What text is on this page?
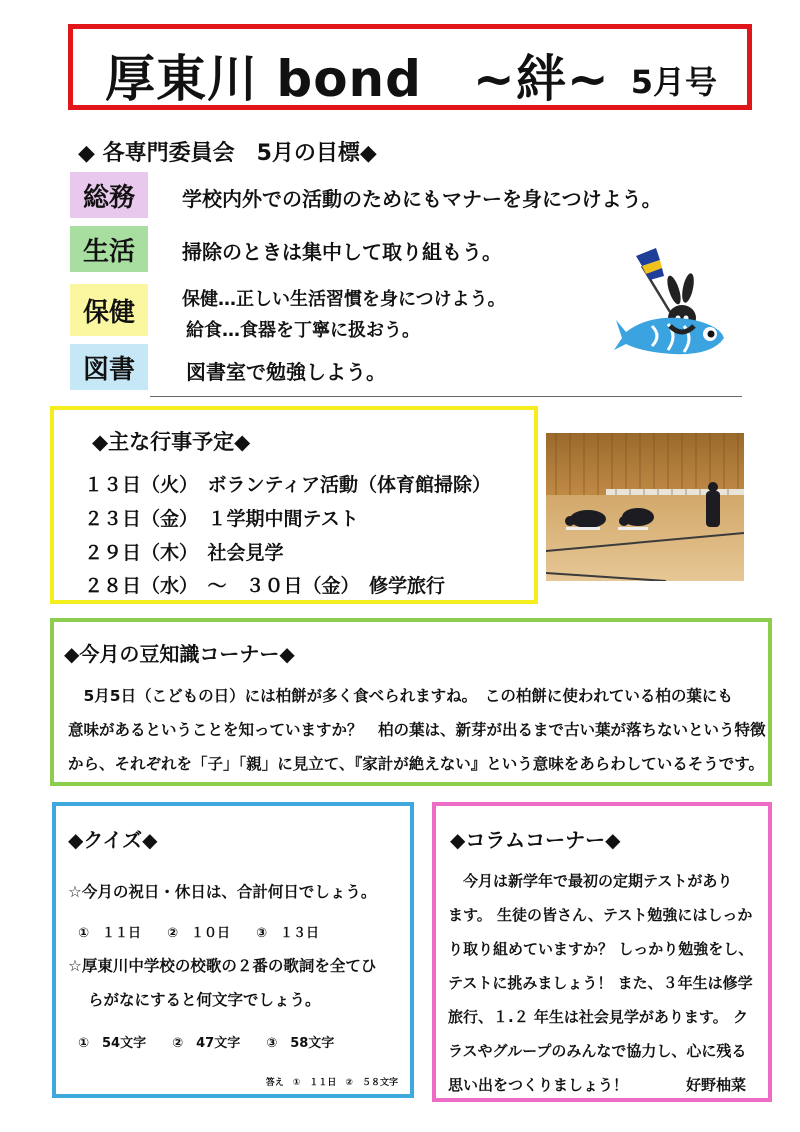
厚東川 bond　~絆~ 5月号
◆ 各専門委員会　5月の目標◆
総務	学校内外での活動のためにもマナーを身につけよう。
生活	掃除のときは集中して取り組もう。
保健	保健…正しい生活習慣を身につけよう。
給食…食器を丁寧に扱おう。
図書	図書室で勉強しよう。
◆主な行事予定◆
１３日（火）　ボランティア活動（体育館掃除）
２３日（金）　１学期中間テスト
２９日（木）　社会見学
２８日（水）　～　３０日（金）　修学旅行
◆今月の豆知識コーナー◆
　5月5日（こどもの日）には柏餅が多く食べられますね。　この柏餅に使われている柏の葉にも
意味があるということを知っていますか？　柏の葉は、新芽が出るまで古い葉が落ちないという特徴
から、それぞれを「子」「親」に見立て、『家計が絶えない』という意味をあらわしているそうです。
◆クイズ◆
☆今月の祝日・休日は、合計何日でしょう。
①　１１日　　②　１０日　　③　１３日
☆厚東川中学校の校歌の２番の歌詞を全てひ
らがなにすると何文字でしょう。
①　54文字　　②　47文字　　③　58文字
答え　①　１１日　②　５８文字
◆コラムコーナー◆
　今月は新学年で最初の定期テストがあり
ます。 生徒の皆さん、テスト勉強にはしっか
り取り組めていますか？ しっかり勉強をし、
テストに挑みましょう！ また、３年生は修学
旅行、１.２ 年生は社会見学があります。 ク
ラスやグループのみんなで協力し、心に残る
思い出をつくりましょう！	好野柚菜
